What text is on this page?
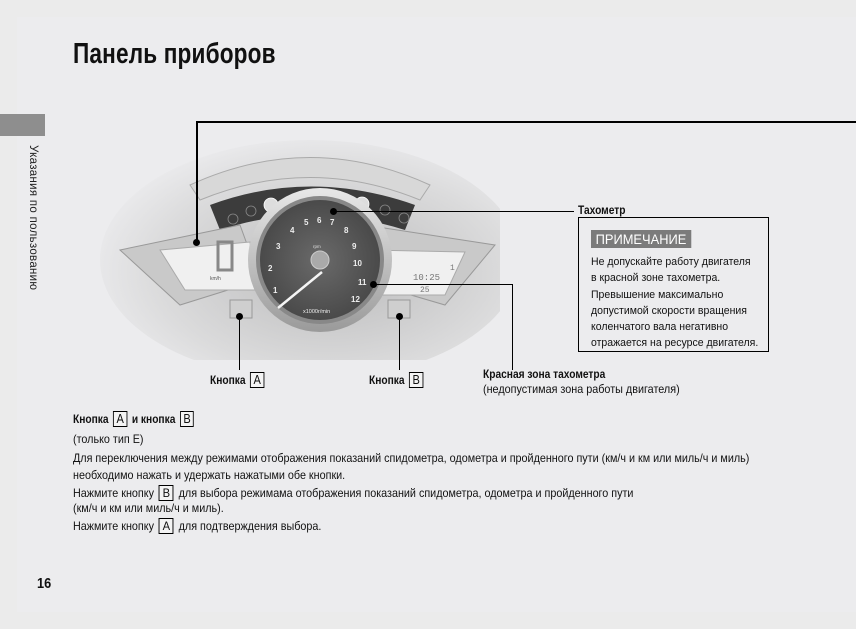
Указания по пользованию
Панель приборов
km/h	10:25
25
1
1
2
3
4
5 6 7
8
9
10
11
12
x1000r/min
rpm
Тахометр
Кнопка A	Кнопка B	Красная зона тахометра
(недопустимая зона работы двигателя)
ПРИМЕЧАНИЕ
Не допускайте работу двигателя
в красной зоне тахометра.
Превышение максимально
допустимой скорости вращения
коленчатого вала негативно
отражается на ресурсе двигателя.
Кнопка A и кнопка B
(только тип E)
Для переключения между режимами отображения показаний спидометра, одометра и пройденного пути (км/ч и км или миль/ч и миль)
необходимо нажать и удержать нажатыми обе кнопки.
Нажмите кнопку B для выбора режимама отображения показаний спидометра, одометра и пройденного пути
(км/ч и км или миль/ч и миль).
Нажмите кнопку A для подтверждения выбора.
16
